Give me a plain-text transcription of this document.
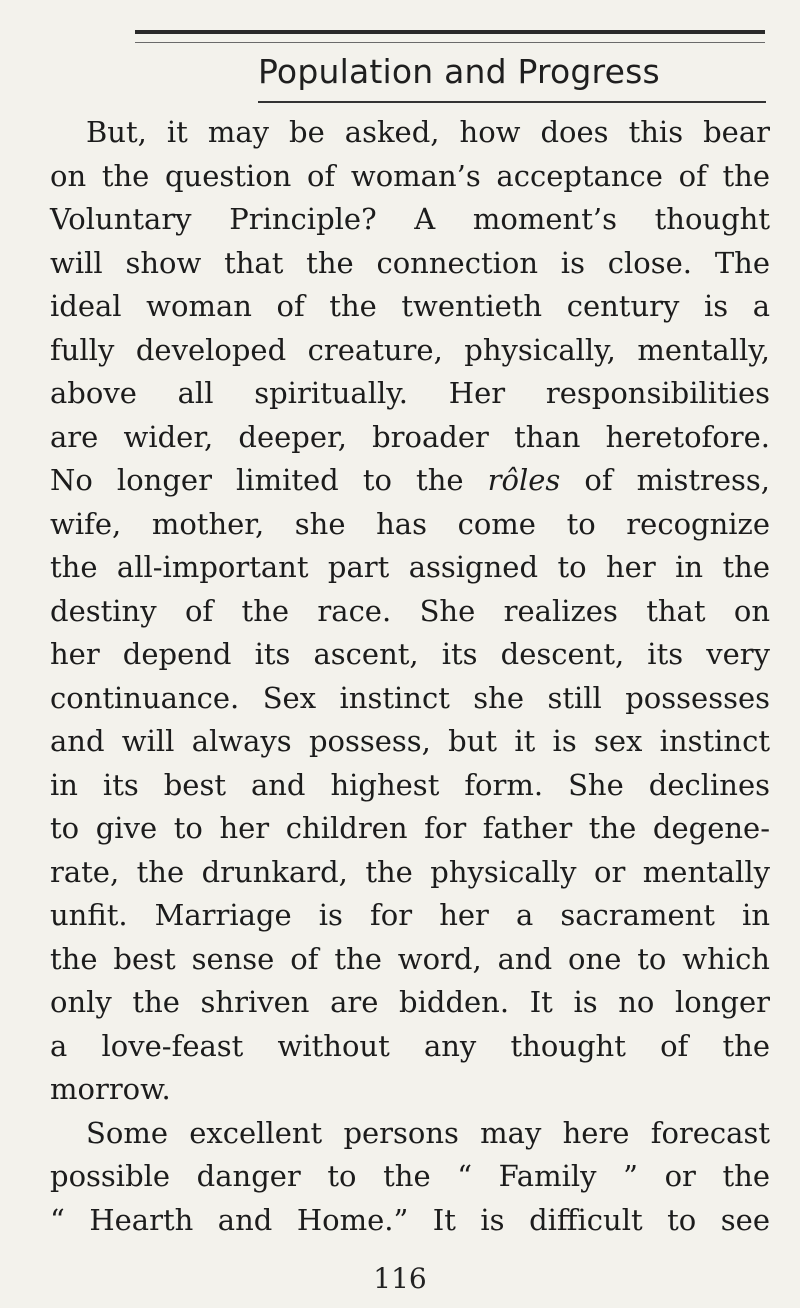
Population and Progress
But, it may be asked, how does this bear
on the question of woman’s acceptance of the
Voluntary Principle? A moment’s thought
will show that the connection is close. The
ideal woman of the twentieth century is a
fully developed creature, physically, mentally,
above all spiritually. Her responsibilities
are wider, deeper, broader than heretofore.
No longer limited to the rôles of mistress,
wife, mother, she has come to recognize
the all-important part assigned to her in the
destiny of the race. She realizes that on
her depend its ascent, its descent, its very
continuance. Sex instinct she still possesses
and will always possess, but it is sex instinct
in its best and highest form. She declines
to give to her children for father the degene-
rate, the drunkard, the physically or mentally
unfit. Marriage is for her a sacrament in
the best sense of the word, and one to which
only the shriven are bidden. It is no longer
a love-feast without any thought of the
morrow.
Some excellent persons may here forecast
possible danger to the “ Family ” or the
“ Hearth and Home.” It is difficult to see
116
